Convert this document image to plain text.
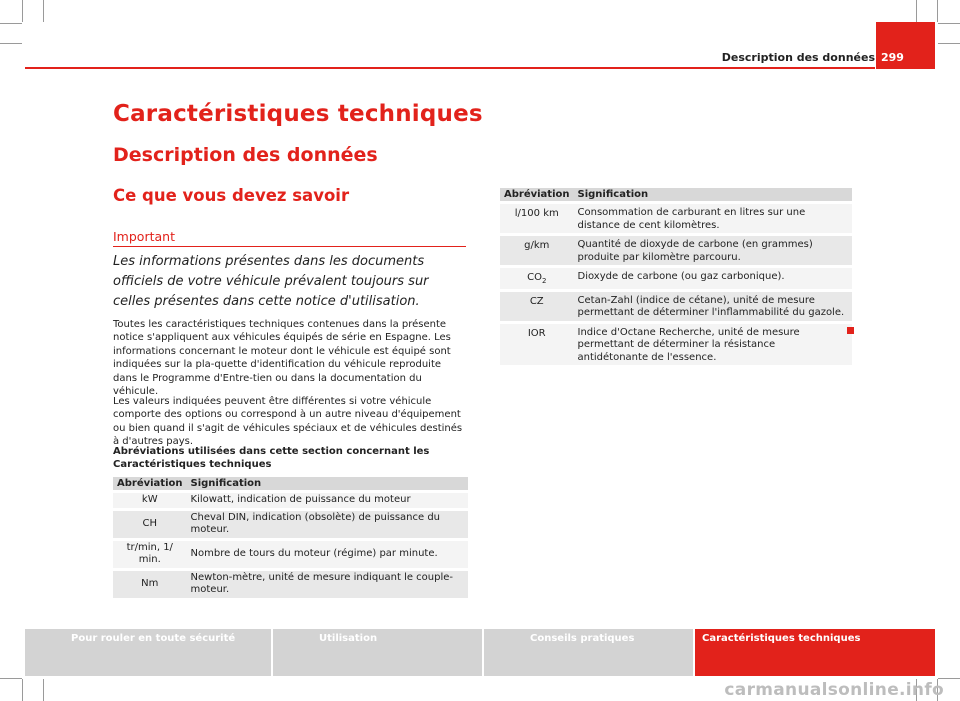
Description des données 299
Caractéristiques techniques
Description des données
Ce que vous devez savoir
Important
Les informations présentes dans les documents officiels de votre véhicule prévalent toujours sur celles présentes dans cette notice d'utilisation.
Toutes les caractéristiques techniques contenues dans la présente notice s'appliquent aux véhicules équipés de série en Espagne. Les informations concernant le moteur dont le véhicule est équipé sont indiquées sur la pla-quette d'identification du véhicule reproduite dans le Programme d'Entre-tien ou dans la documentation du véhicule.
Les valeurs indiquées peuvent être différentes si votre véhicule comporte des options ou correspond à un autre niveau d'équipement ou bien quand il s'agit de véhicules spéciaux et de véhicules destinés à d'autres pays.
Abréviations utilisées dans cette section concernant les Caractéristiques techniques
Abréviation	Signification
kW	Kilowatt, indication de puissance du moteur
CH	Cheval DIN, indication (obsolète) de puissance du moteur.
tr/min, 1/ min.	Nombre de tours du moteur (régime) par minute.
Nm	Newton-mètre, unité de mesure indiquant le couple-moteur.
Abréviation	Signification
l/100 km	Consommation de carburant en litres sur une distance de cent kilomètres.
g/km	Quantité de dioxyde de carbone (en grammes) produite par kilomètre parcouru.
$CO_2$	Dioxyde de carbone (ou gaz carbonique).
CZ	Cetan-Zahl (indice de cétane), unité de mesure permettant de déterminer l'inflammabilité du gazole.
IOR	Indice d'Octane Recherche, unité de mesure permettant de déterminer la résistance antidétonante de l'essence.
Pour rouler en toute sécurité	Utilisation	Conseils pratiques	Caractéristiques techniques
carmanualsonline.info
